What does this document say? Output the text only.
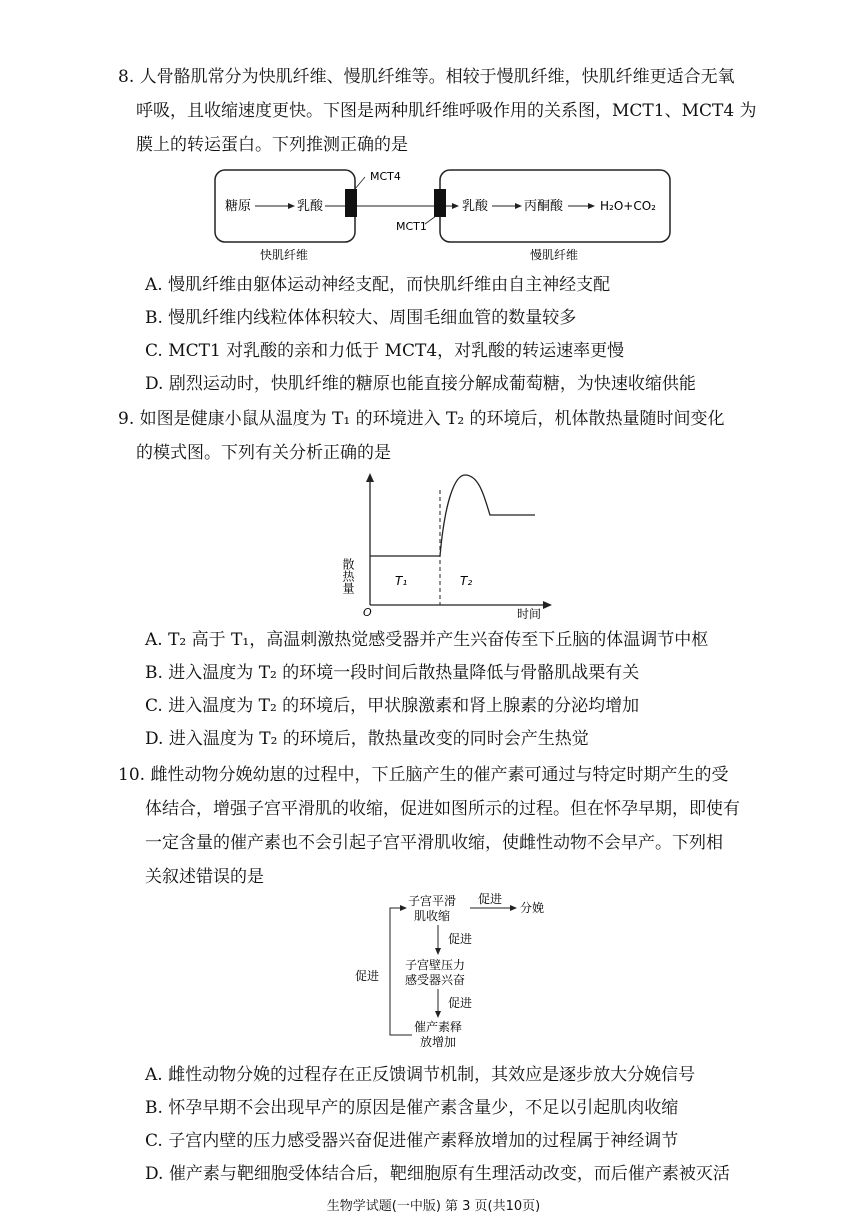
8. 人骨骼肌常分为快肌纤维、慢肌纤维等。相较于慢肌纤维，快肌纤维更适合无氧
呼吸，且收缩速度更快。下图是两种肌纤维呼吸作用的关系图，MCT1、MCT4 为
膜上的转运蛋白。下列推测正确的是
糖原	乳酸
MCT4
MCT1
乳酸	丙酮酸	H₂O+CO₂
快肌纤维	慢肌纤维
A. 慢肌纤维由躯体运动神经支配，而快肌纤维由自主神经支配
B. 慢肌纤维内线粒体体积较大、周围毛细血管的数量较多
C. MCT1 对乳酸的亲和力低于 MCT4，对乳酸的转运速率更慢
D. 剧烈运动时，快肌纤维的糖原也能直接分解成葡萄糖，为快速收缩供能
9. 如图是健康小鼠从温度为 T₁ 的环境进入 T₂ 的环境后，机体散热量随时间变化
的模式图。下列有关分析正确的是
散热量
O	时间
T₁	T₂
A. T₂ 高于 T₁，高温刺激热觉感受器并产生兴奋传至下丘脑的体温调节中枢
B. 进入温度为 T₂ 的环境一段时间后散热量降低与骨骼肌战栗有关
C. 进入温度为 T₂ 的环境后，甲状腺激素和肾上腺素的分泌均增加
D. 进入温度为 T₂ 的环境后，散热量改变的同时会产生热觉
10. 雌性动物分娩幼崽的过程中，下丘脑产生的催产素可通过与特定时期产生的受
体结合，增强子宫平滑肌的收缩，促进如图所示的过程。但在怀孕早期，即使有
一定含量的催产素也不会引起子宫平滑肌收缩，使雌性动物不会早产。下列相
关叙述错误的是
子宫平滑
肌收缩
促进
分娩
促进
子宫壁压力
感受器兴奋
促进
催产素释
放增加
促进
A. 雌性动物分娩的过程存在正反馈调节机制，其效应是逐步放大分娩信号
B. 怀孕早期不会出现早产的原因是催产素含量少，不足以引起肌肉收缩
C. 子宫内壁的压力感受器兴奋促进催产素释放增加的过程属于神经调节
D. 催产素与靶细胞受体结合后，靶细胞原有生理活动改变，而后催产素被灭活
生物学试题(一中版) 第 3 页(共10页)
